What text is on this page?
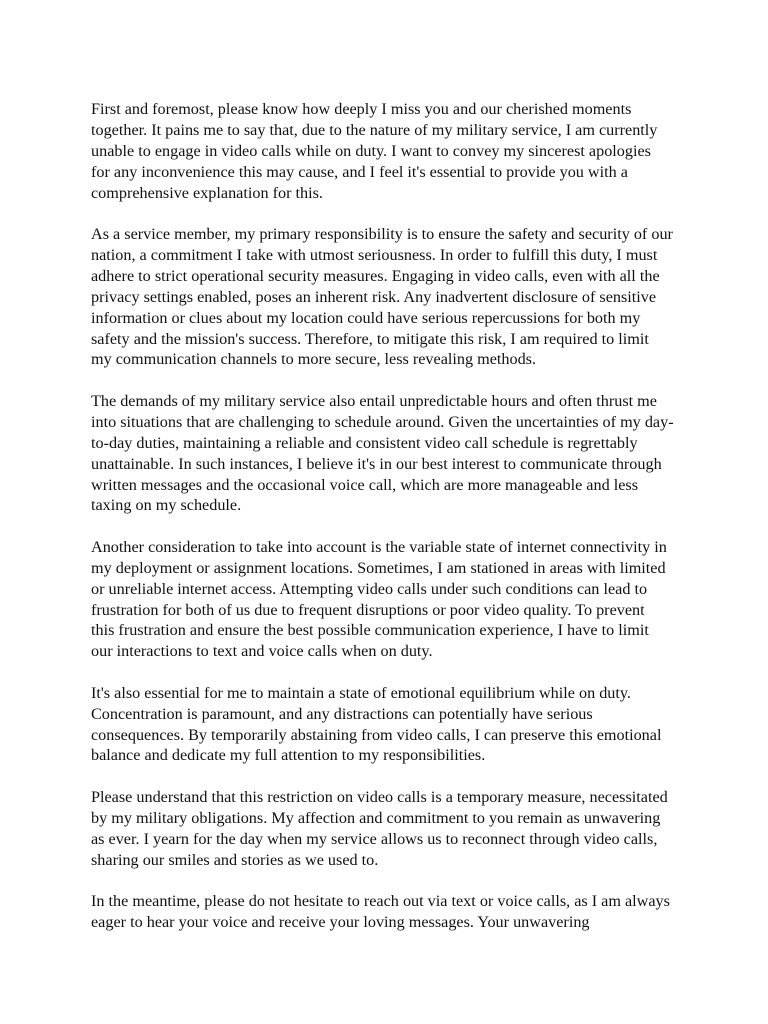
First and foremost, please know how deeply I miss you and our cherished moments
together. It pains me to say that, due to the nature of my military service, I am currently
unable to engage in video calls while on duty. I want to convey my sincerest apologies
for any inconvenience this may cause, and I feel it's essential to provide you with a
comprehensive explanation for this.

As a service member, my primary responsibility is to ensure the safety and security of our
nation, a commitment I take with utmost seriousness. In order to fulfill this duty, I must
adhere to strict operational security measures. Engaging in video calls, even with all the
privacy settings enabled, poses an inherent risk. Any inadvertent disclosure of sensitive
information or clues about my location could have serious repercussions for both my
safety and the mission's success. Therefore, to mitigate this risk, I am required to limit
my communication channels to more secure, less revealing methods.

The demands of my military service also entail unpredictable hours and often thrust me
into situations that are challenging to schedule around. Given the uncertainties of my day-
to-day duties, maintaining a reliable and consistent video call schedule is regrettably
unattainable. In such instances, I believe it's in our best interest to communicate through
written messages and the occasional voice call, which are more manageable and less
taxing on my schedule.

Another consideration to take into account is the variable state of internet connectivity in
my deployment or assignment locations. Sometimes, I am stationed in areas with limited
or unreliable internet access. Attempting video calls under such conditions can lead to
frustration for both of us due to frequent disruptions or poor video quality. To prevent
this frustration and ensure the best possible communication experience, I have to limit
our interactions to text and voice calls when on duty.

It's also essential for me to maintain a state of emotional equilibrium while on duty.
Concentration is paramount, and any distractions can potentially have serious
consequences. By temporarily abstaining from video calls, I can preserve this emotional
balance and dedicate my full attention to my responsibilities.

Please understand that this restriction on video calls is a temporary measure, necessitated
by my military obligations. My affection and commitment to you remain as unwavering
as ever. I yearn for the day when my service allows us to reconnect through video calls,
sharing our smiles and stories as we used to.

In the meantime, please do not hesitate to reach out via text or voice calls, as I am always
eager to hear your voice and receive your loving messages. Your unwavering
